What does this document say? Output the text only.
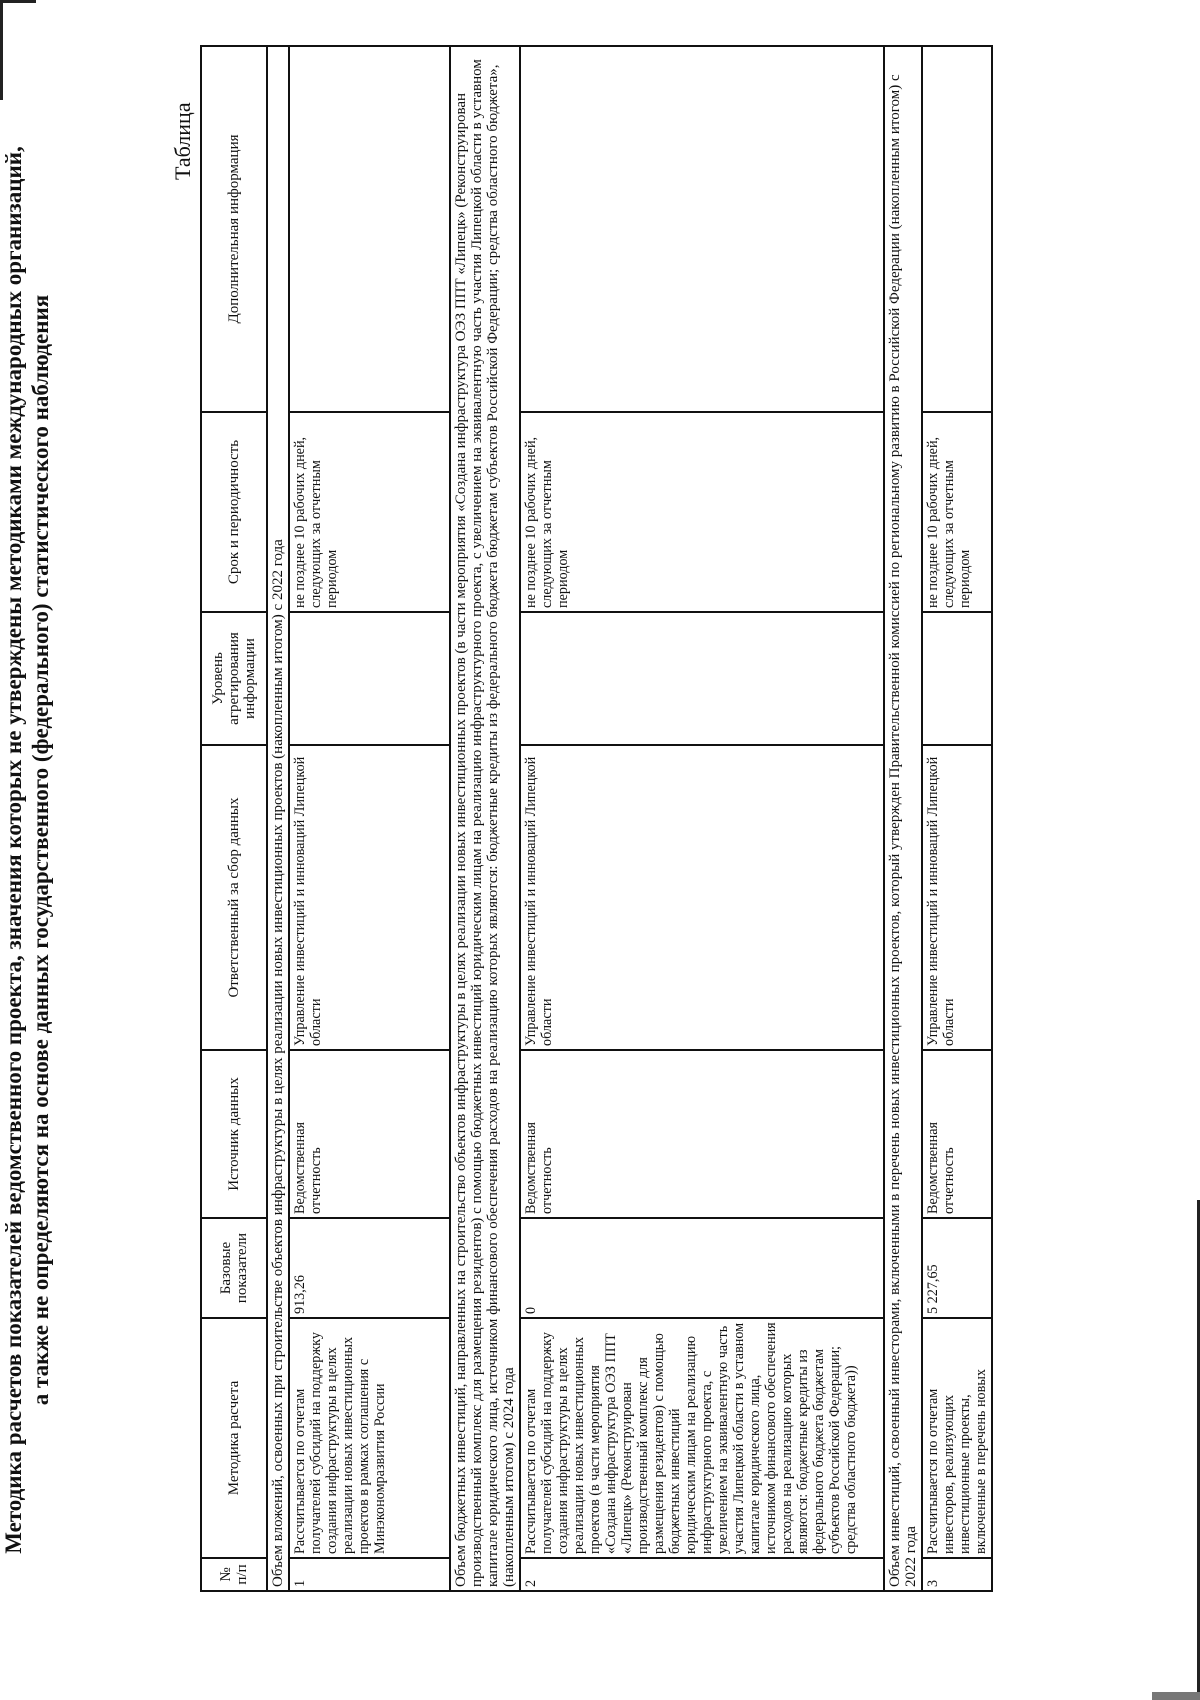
Методика расчетов показателей ведомственного проекта, значения которых не утверждены методиками международных организаций, а также не определяются на основе данных государственного (федерального) статистического наблюдения
Таблица
№ п/п	Методика расчета	Базовые показатели	Источник данных	Ответственный за сбор данных	Уровень агрегирования информации	Срок и периодичность	Дополнительная информация
Объем вложений, освоенных при строительстве объектов инфраструктуры в целях реализации новых инвестиционных проектов (накопленным итогом) с 2022 года							
1	Рассчитывается по отчетам получателей субсидий на поддержку создания инфраструктуры в целях реализации новых инвестиционных проектов в рамках соглашения с Минэкономразвития России	913,26	Ведомственная отчетность	Управление инвестиций и инноваций Липецкой области		не позднее 10 рабочих дней, следующих за отчетным периодом	
Объем бюджетных инвестиций, направленных на строительство объектов инфраструктуры в целях реализации новых инвестиционных проектов (в части мероприятия «Создана инфраструктура ОЭЗ ППТ «Липецк» (Реконструирован производственный комплекс для размещения резидентов) с помощью бюджетных инвестиций юридическим лицам на реализацию инфраструктурного проекта, с увеличением на эквивалентную часть участия Липецкой области в уставном капитале юридического лица, источником финансового обеспечения расходов на реализацию которых являются: бюджетные кредиты из федерального бюджета бюджетам субъектов Российской Федерации; средства областного бюджета», (накопленным итогом) с 2024 года							
2	Рассчитывается по отчетам получателей субсидий на поддержку создания инфраструктуры в целях реализации новых инвестиционных проектов (в части мероприятия «Создана инфраструктура ОЭЗ ППТ «Липецк» (Реконструирован производственный комплекс для размещения резидентов) с помощью бюджетных инвестиций юридическим лицам на реализацию инфраструктурного проекта, с увеличением на эквивалентную часть участия Липецкой области в уставном капитале юридического лица, источником финансового обеспечения расходов на реализацию которых являются: бюджетные кредиты из федерального бюджета бюджетам субъектов Российской Федерации; средства областного бюджета))	0	Ведомственная отчетность	Управление инвестиций и инноваций Липецкой области		не позднее 10 рабочих дней, следующих за отчетным периодом	
Объем инвестиций, освоенный инвесторами, включенными в перечень новых инвестиционных проектов, который утвержден Правительственной комиссией по региональному развитию в Российской Федерации (накопленным итогом) с 2022 года							
3	Рассчитывается по отчетам инвесторов, реализующих инвестиционные проекты, включенные в перечень новых	5 227,65	Ведомственная отчетность	Управление инвестиций и инноваций Липецкой области		не позднее 10 рабочих дней, следующих за отчетным периодом	
